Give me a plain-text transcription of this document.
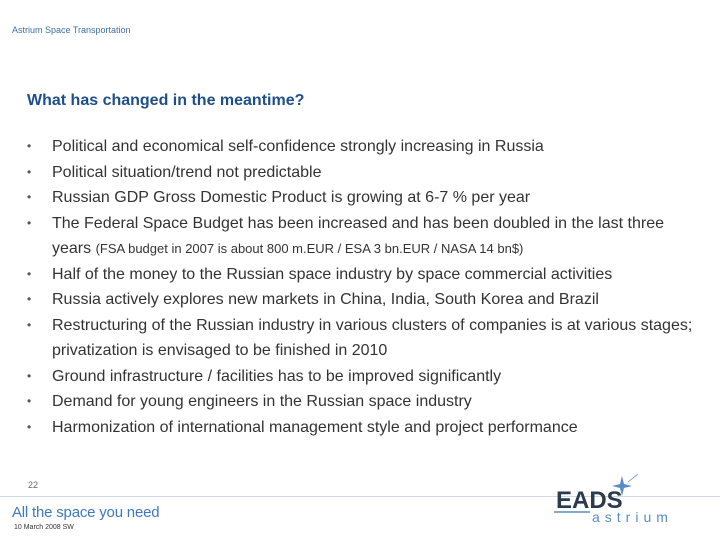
Astrium Space Transportation
What has changed in the meantime?
•	Political and economical self-confidence strongly increasing in Russia
•	Political situation/trend not predictable
•	Russian GDP Gross Domestic Product is growing at 6-7 % per year
•	The Federal Space Budget has been increased and has been doubled in the last three years (FSA budget in 2007 is about 800 m.EUR / ESA 3 bn.EUR / NASA 14 bn$)
•	Half of the money to the Russian space industry by space commercial activities
•	Russia actively explores new markets in China, India, South Korea and Brazil
•	Restructuring of the Russian industry in various clusters of companies is at various stages; privatization is envisaged to be finished in 2010
•	Ground infrastructure / facilities has to be improved significantly
•	Demand for young engineers in the Russian space industry
•	Harmonization of international management style and project performance
22
All the space you need
10 March 2008 SW
EADS
astrium
